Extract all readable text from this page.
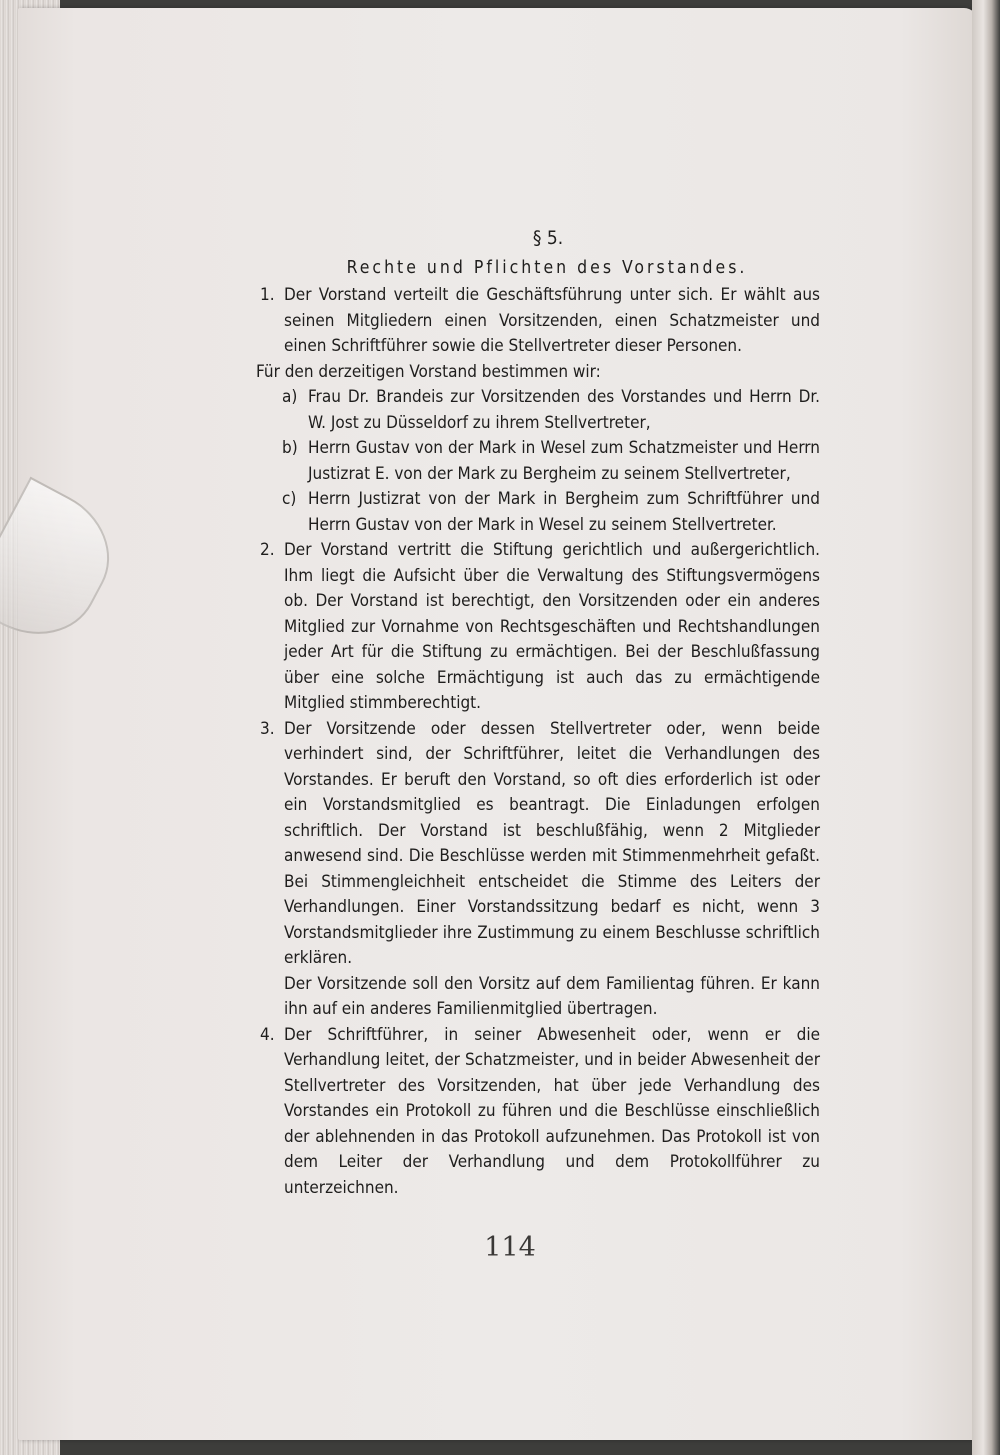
§ 5.
Rechte und Pflichten des Vorstandes.
1. Der Vorstand verteilt die Geschäftsführung unter sich. Er wählt aus seinen Mitgliedern einen Vorsitzenden, einen Schatzmeister und einen Schriftführer sowie die Stellvertreter dieser Personen.
Für den derzeitigen Vorstand bestimmen wir:
a) Frau Dr. Brandeis zur Vorsitzenden des Vorstandes und Herrn Dr. W. Jost zu Düsseldorf zu ihrem Stellvertreter,
b) Herrn Gustav von der Mark in Wesel zum Schatzmeister und Herrn Justizrat E. von der Mark zu Bergheim zu seinem Stellvertreter,
c) Herrn Justizrat von der Mark in Bergheim zum Schriftführer und Herrn Gustav von der Mark in Wesel zu seinem Stellvertreter.
2. Der Vorstand vertritt die Stiftung gerichtlich und außergerichtlich. Ihm liegt die Aufsicht über die Verwaltung des Stiftungsvermögens ob. Der Vorstand ist berechtigt, den Vorsitzenden oder ein anderes Mitglied zur Vornahme von Rechtsgeschäften und Rechtshandlungen jeder Art für die Stiftung zu ermächtigen. Bei der Beschlußfassung über eine solche Ermächtigung ist auch das zu ermächtigende Mitglied stimmberechtigt.
3. Der Vorsitzende oder dessen Stellvertreter oder, wenn beide verhindert sind, der Schriftführer, leitet die Verhandlungen des Vorstandes. Er beruft den Vorstand, so oft dies erforderlich ist oder ein Vorstandsmitglied es beantragt. Die Einladungen erfolgen schriftlich. Der Vorstand ist beschlußfähig, wenn 2 Mitglieder anwesend sind. Die Beschlüsse werden mit Stimmenmehrheit gefaßt. Bei Stimmengleichheit entscheidet die Stimme des Leiters der Verhandlungen. Einer Vorstandssitzung bedarf es nicht, wenn 3 Vorstandsmitglieder ihre Zustimmung zu einem Beschlusse schriftlich erklären.
Der Vorsitzende soll den Vorsitz auf dem Familientag führen. Er kann ihn auf ein anderes Familienmitglied übertragen.
4. Der Schriftführer, in seiner Abwesenheit oder, wenn er die Verhandlung leitet, der Schatzmeister, und in beider Abwesenheit der Stellvertreter des Vorsitzenden, hat über jede Verhandlung des Vorstandes ein Protokoll zu führen und die Beschlüsse einschließlich der ablehnenden in das Protokoll aufzunehmen. Das Protokoll ist von dem Leiter der Verhandlung und dem Protokollführer zu unterzeichnen.
114
